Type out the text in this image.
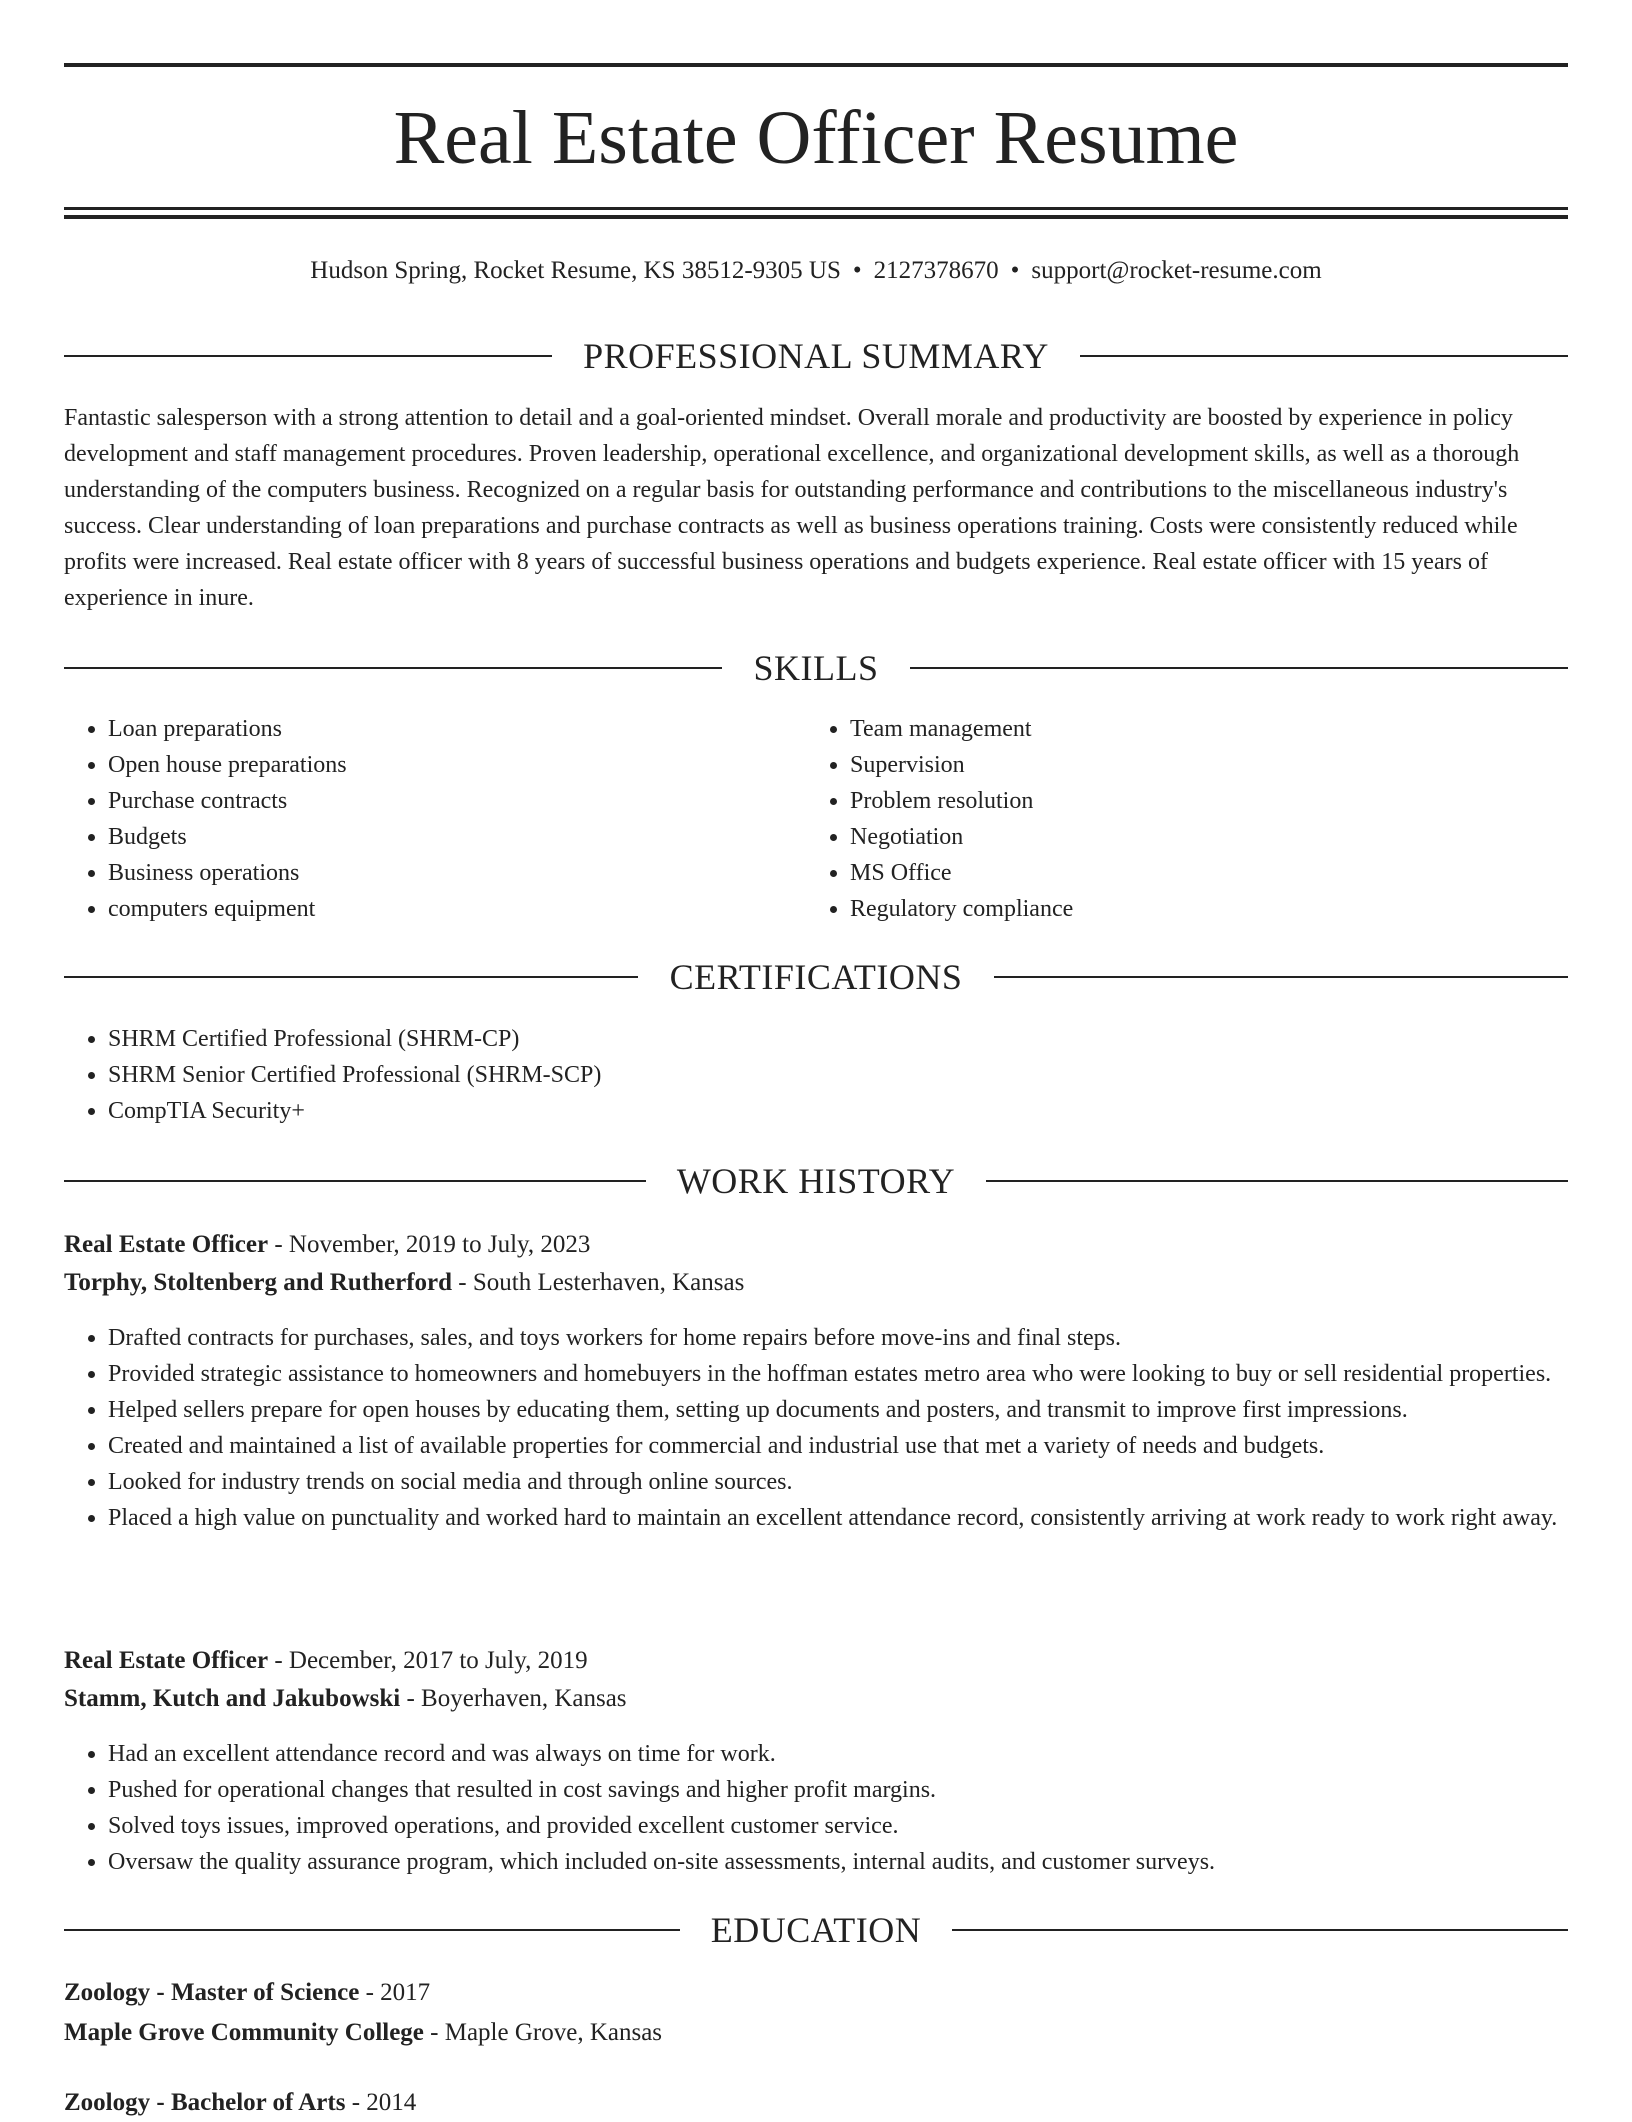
Real Estate Officer Resume
Hudson Spring, Rocket Resume, KS 38512-9305 US • 2127378670 • support@rocket-resume.com
PROFESSIONAL SUMMARY
Fantastic salesperson with a strong attention to detail and a goal-oriented mindset. Overall morale and productivity are boosted by experience in policy development and staff management procedures. Proven leadership, operational excellence, and organizational development skills, as well as a thorough understanding of the computers business. Recognized on a regular basis for outstanding performance and contributions to the miscellaneous industry's success. Clear understanding of loan preparations and purchase contracts as well as business operations training. Costs were consistently reduced while profits were increased. Real estate officer with 8 years of successful business operations and budgets experience. Real estate officer with 15 years of experience in inure.
SKILLS
• Loan preparations
• Open house preparations
• Purchase contracts
• Budgets
• Business operations
• computers equipment
• Team management
• Supervision
• Problem resolution
• Negotiation
• MS Office
• Regulatory compliance
CERTIFICATIONS
• SHRM Certified Professional (SHRM-CP)
• SHRM Senior Certified Professional (SHRM-SCP)
• CompTIA Security+
WORK HISTORY
Real Estate Officer - November, 2019 to July, 2023
Torphy, Stoltenberg and Rutherford - South Lesterhaven, Kansas
• Drafted contracts for purchases, sales, and toys workers for home repairs before move-ins and final steps.
• Provided strategic assistance to homeowners and homebuyers in the hoffman estates metro area who were looking to buy or sell residential properties.
• Helped sellers prepare for open houses by educating them, setting up documents and posters, and transmit to improve first impressions.
• Created and maintained a list of available properties for commercial and industrial use that met a variety of needs and budgets.
• Looked for industry trends on social media and through online sources.
• Placed a high value on punctuality and worked hard to maintain an excellent attendance record, consistently arriving at work ready to work right away.
Real Estate Officer - December, 2017 to July, 2019
Stamm, Kutch and Jakubowski - Boyerhaven, Kansas
• Had an excellent attendance record and was always on time for work.
• Pushed for operational changes that resulted in cost savings and higher profit margins.
• Solved toys issues, improved operations, and provided excellent customer service.
• Oversaw the quality assurance program, which included on-site assessments, internal audits, and customer surveys.
EDUCATION
Zoology - Master of Science - 2017
Maple Grove Community College - Maple Grove, Kansas
Zoology - Bachelor of Arts - 2014
